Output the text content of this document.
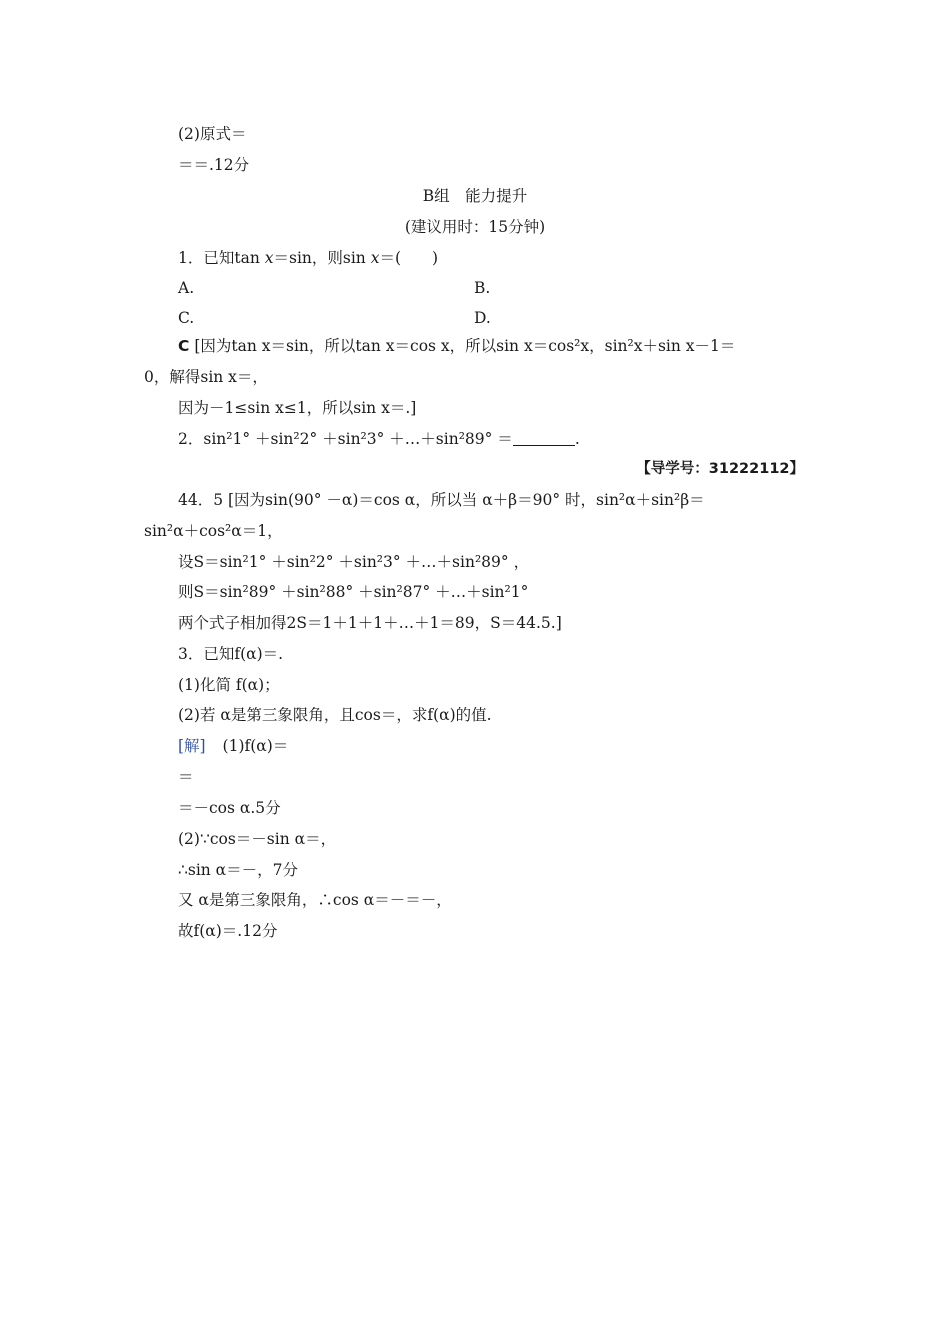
(2)原式＝
＝＝.12分
B组　能力提升
(建议用时：15分钟)
1．已知tan x＝sin，则sin x＝(　　)
A.	B.
C.	D.
C [因为tan x＝sin，所以tan x＝cos x，所以sin x＝cos²x，sin²x＋sin x－1＝
0，解得sin x＝，
因为－1≤sin x≤1，所以sin x＝.]
2．sin²1° ＋sin²2° ＋sin²3° ＋…＋sin²89° ＝	.
【导学号：31222112】
44．5 [因为sin(90° －α)＝cos α，所以当 α＋β＝90° 时，sin²α＋sin²β＝
sin²α＋cos²α＝1，
设S＝sin²1° ＋sin²2° ＋sin²3° ＋…＋sin²89° ，
则S＝sin²89° ＋sin²88° ＋sin²87° ＋…＋sin²1°
两个式子相加得2S＝1＋1＋1＋…＋1＝89，S＝44.5.]
3．已知f(α)＝.
(1)化简 f(α)；
(2)若 α是第三象限角，且cos＝，求f(α)的值.
[解] (1)f(α)＝
＝
＝－cos α.5分
(2)∵cos＝－sin α＝，
∴sin α＝－，7分
又 α是第三象限角，∴cos α＝－＝－，
故f(α)＝.12分
